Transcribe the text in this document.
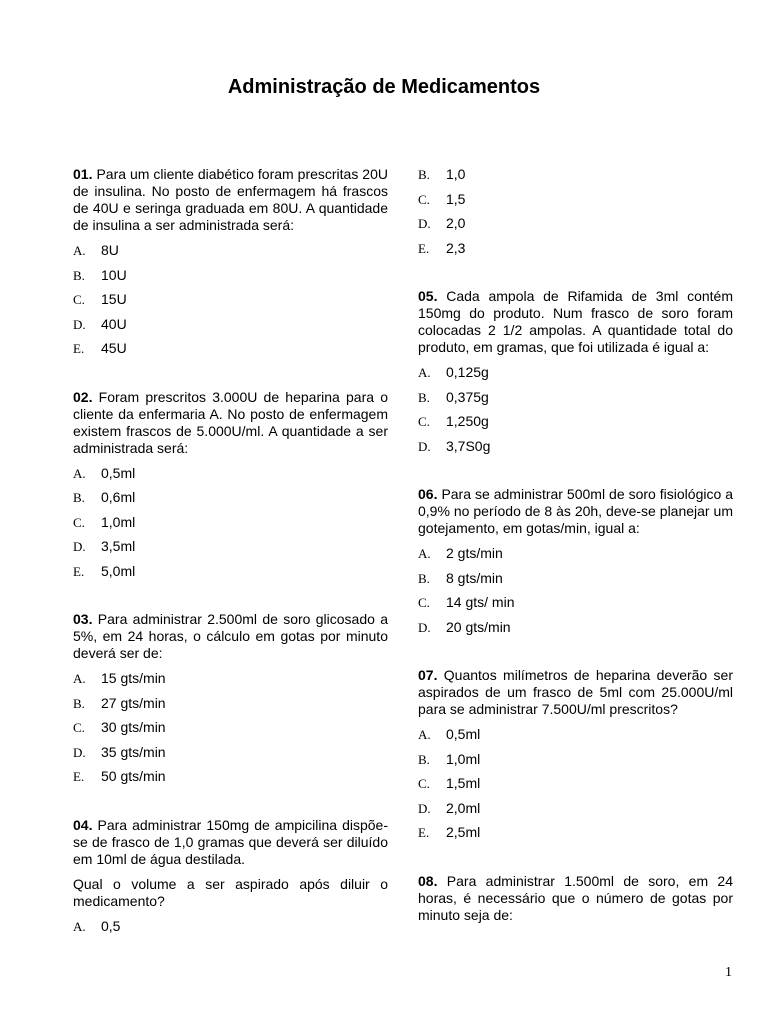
Administração de Medicamentos
01. Para um cliente diabético foram prescritas 20U de insulina. No posto de enfermagem há frascos de 40U e seringa graduada em 80U. A quantidade de insulina a ser administrada será:
A.	8U
B.	10U
C.	15U
D.	40U
E.	45U
02. Foram prescritos 3.000U de heparina para o cliente da enfermaria A. No posto de enfermagem existem frascos de 5.000U/ml. A quantidade a ser administrada será:
A.	0,5ml
B.	0,6ml
C.	1,0ml
D.	3,5ml
E.	5,0ml
03. Para administrar 2.500ml de soro glicosado a 5%, em 24 horas, o cálculo em gotas por minuto deverá ser de:
A.	15 gts/min
B.	27 gts/min
C.	30 gts/min
D.	35 gts/min
E.	50 gts/min
04. Para administrar 150mg de ampicilina dispõe-se de frasco de 1,0 gramas que deverá ser diluído em 10ml de água destilada.
Qual o volume a ser aspirado após diluir o medicamento?
A.	0,5
B.	1,0
C.	1,5
D.	2,0
E.	2,3
05. Cada ampola de Rifamida de 3ml contém 150mg do produto. Num frasco de soro foram colocadas 2 1/2 ampolas. A quantidade total do produto, em gramas, que foi utilizada é igual a:
A.	0,125g
B.	0,375g
C.	1,250g
D.	3,7S0g
06. Para se administrar 500ml de soro fisiológico a 0,9% no período de 8 às 20h, deve-se planejar um gotejamento, em gotas/min, igual a:
A.	2 gts/min
B.	8 gts/min
C.	14 gts/ min
D.	20 gts/min
07. Quantos milímetros de heparina deverão ser aspirados de um frasco de 5ml com 25.000U/ml para se administrar 7.500U/ml prescritos?
A.	0,5ml
B.	1,0ml
C.	1,5ml
D.	2,0ml
E.	2,5ml
08. Para administrar 1.500ml de soro, em 24 horas, é necessário que o número de gotas por minuto seja de:
1
